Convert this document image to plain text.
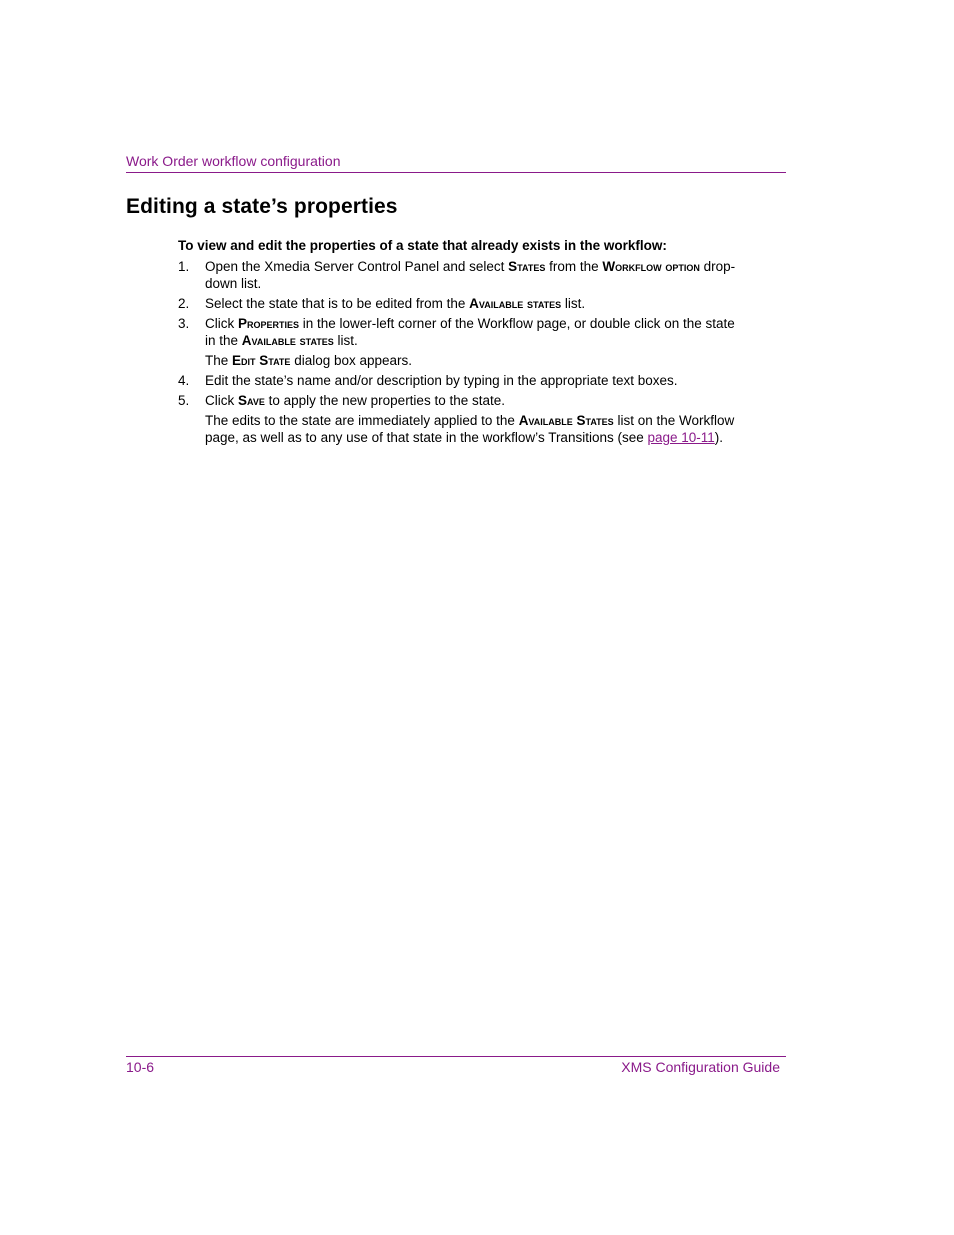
Work Order workflow configuration

Editing a state’s properties

To view and edit the properties of a state that already exists in the workflow:

1. Open the Xmedia Server Control Panel and select States from the Workflow option drop-down list.

2. Select the state that is to be edited from the Available states list.

3. Click Properties in the lower-left corner of the Workflow page, or double click on the state in the Available states list.

The Edit State dialog box appears.

4. Edit the state’s name and/or description by typing in the appropriate text boxes.

5. Click Save to apply the new properties to the state.

The edits to the state are immediately applied to the Available States list on the Workflow page, as well as to any use of that state in the workflow’s Transitions (see page 10-11).

10-6	XMS Configuration Guide
